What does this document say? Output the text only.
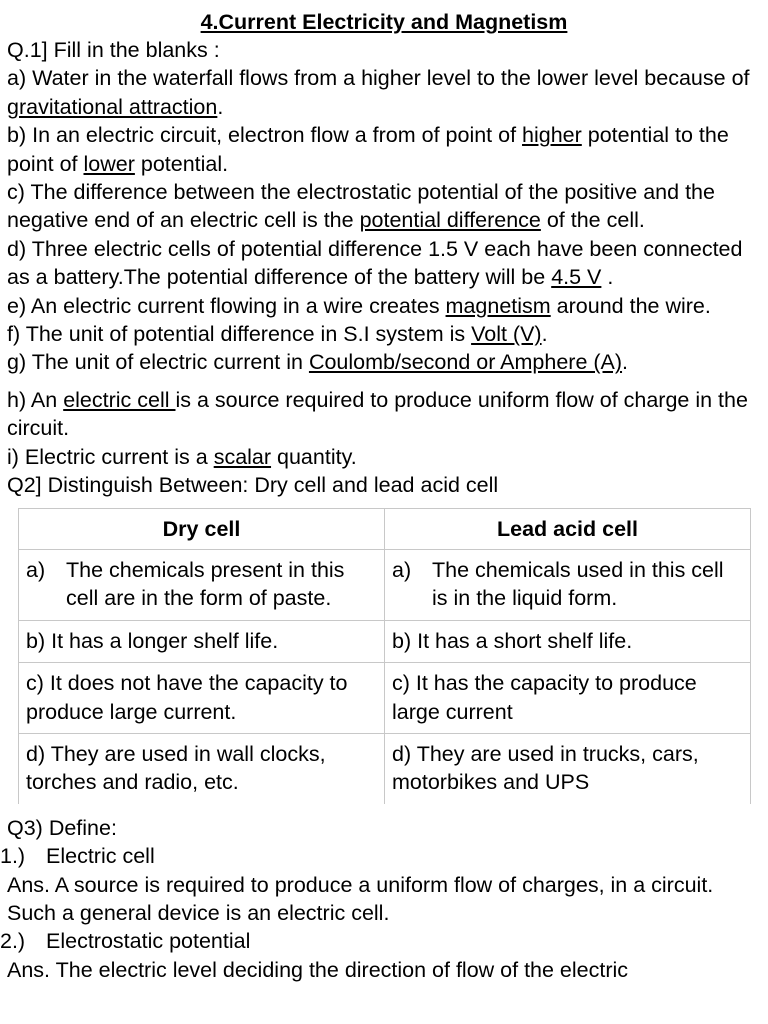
4.Current Electricity and Magnetism
Q.1] Fill in the blanks :
a) Water in the waterfall flows from a higher level to the lower level because of gravitational attraction.
b) In an electric circuit, electron flow a from of point of higher potential to the point of lower potential.
c) The difference between the electrostatic potential of the positive and the negative end of an electric cell is the potential difference of the cell.
d) Three electric cells of potential difference 1.5 V each have been connected as a battery.The potential difference of the battery will be 4.5 V .
e) An electric current flowing in a wire creates magnetism around the wire.
f) The unit of potential difference in S.I system is Volt (V).
g) The unit of electric current in Coulomb/second or Amphere (A).
h) An electric cell is a source required to produce uniform flow of charge in the circuit.
i) Electric current is a scalar quantity.
Q2] Distinguish Between: Dry cell and lead acid cell
Dry cell	Lead acid cell

a) The chemicals present in this cell are in the form of paste.	a) The chemicals used in this cell is in the liquid form.

b) It has a longer shelf life.	b) It has a short shelf life.
c) It does not have the capacity to produce large current.	c) It has the capacity to produce large current
d) They are used in wall clocks, torches and radio, etc.	d) They are used in trucks, cars, motorbikes and UPS
Q3) Define:
1.) Electric cell
Ans. A source is required to produce a uniform flow of charges, in a circuit. Such a general device is an electric cell.
2.) Electrostatic potential
Ans. The electric level deciding the direction of flow of the electric
